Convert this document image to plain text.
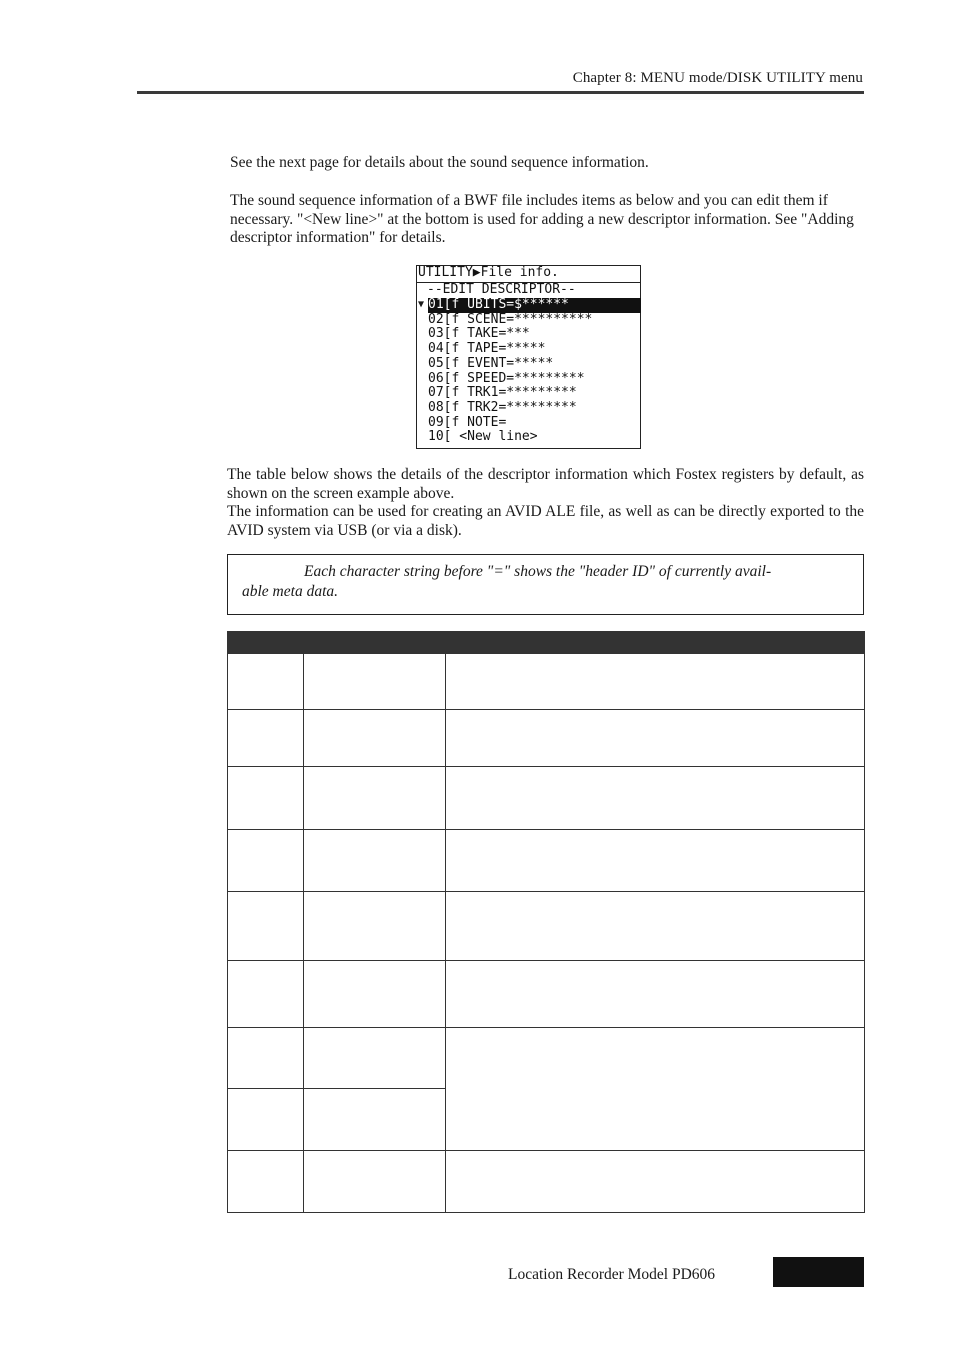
Chapter 8: MENU mode/DISK UTILITY menu

See the next page for details about the sound sequence information.

The sound sequence information of a BWF file includes items as below and you can edit them if necessary. "<New line>" at the bottom is used for adding a new descriptor information. See "Adding descriptor information" for details.

UTILITY▶File info.
--EDIT DESCRIPTOR--
01[f UBITS=$******
02[f SCENE=**********
03[f TAKE=***
04[f TAPE=*****
05[f EVENT=*****
06[f SPEED=*********
07[f TRK1=*********
08[f TRK2=*********
09[f NOTE=
10[ <New line>
▼
The table below shows the details of the descriptor information which Fostex registers by default, as shown on the screen example above.
The information can be used for creating an AVID ALE file, as well as can be directly exported to the AVID system via USB (or via a disk).
Each character string before "=" shows the "header ID" of currently avail-
able meta data.

Location Recorder Model PD606
